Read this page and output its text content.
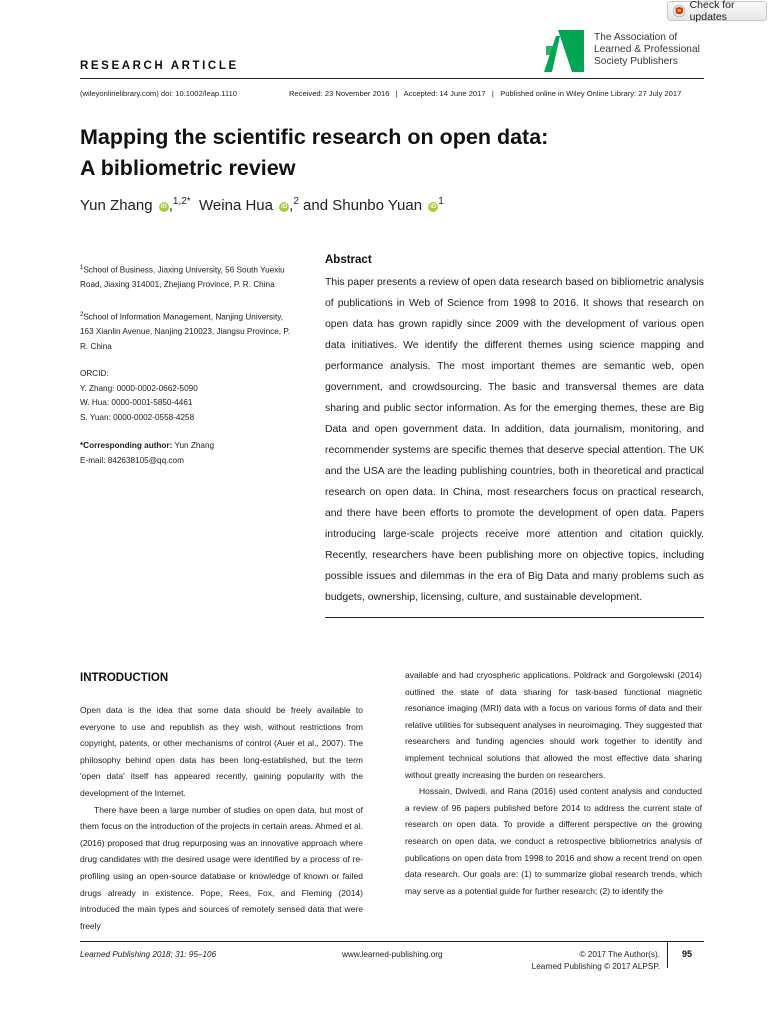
Check for updates
RESEARCH ARTICLE
The Association of
Learned & Professional
Society Publishers
(wileyonlinelibrary.com) doi: 10.1002/leap.1110	Received: 23 November 2016   |   Accepted: 14 June 2017   |   Published online in Wiley Online Library: 27 July 2017
Mapping the scientific research on open data:
A bibliometric review
Yun Zhang iD ,$^{1,2*}$ Weina Hua iD ,$^2$ and Shunbo Yuan iD $^1$
$^1$School of Business, Jiaxing University, 56 South Yuexiu Road, Jiaxing 314001, Zhejiang Province, P. R. China
$^2$School of Information Management, Nanjing University, 163 Xianlin Avenue, Nanjing 210023, Jiangsu Province, P. R. China
ORCID:
Y. Zhang: 0000-0002-0662-5090
W. Hua: 0000-0001-5850-4461
S. Yuan: 0000-0002-0558-4258
*Corresponding author: Yun Zhang
E-mail: 842638105@qq.com
Abstract
This paper presents a review of open data research based on bibliometric analysis of publications in Web of Science from 1998 to 2016. It shows that research on open data has grown rapidly since 2009 with the development of various open data initiatives. We identify the different themes using science mapping and performance analysis. The most important themes are semantic web, open government, and crowdsourcing. The basic and transversal themes are data sharing and public sector information. As for the emerging themes, these are Big Data and open government data. In addition, data journalism, monitoring, and recommender systems are specific themes that deserve special attention. The UK and the USA are the leading publishing countries, both in theoretical and practical research on open data. In China, most researchers focus on practical research, and there have been efforts to promote the development of open data. Papers introducing large-scale projects receive more attention and citation quickly. Recently, researchers have been publishing more on objective topics, including possible issues and dilemmas in the era of Big Data and many problems such as budgets, ownership, licensing, culture, and sustainable development.
INTRODUCTION

Open data is the idea that some data should be freely available to everyone to use and republish as they wish, without restrictions from copyright, patents, or other mechanisms of control (Auer et al., 2007). The philosophy behind open data has been long-established, but the term 'open data' itself has appeared recently, gaining popularity with the development of the Internet.

There have been a large number of studies on open data, but most of them focus on the introduction of the projects in certain areas. Ahmed et al. (2016) proposed that drug repurposing was an innovative approach where drug candidates with the desired usage were identified by a process of re-profiling using an open-source database or knowledge of known or failed drugs already in existence. Pope, Rees, Fox, and Fleming (2014) introduced the main types and sources of remotely sensed data that were freely

available and had cryospheric applications. Poldrack and Gorgolewski (2014) outlined the state of data sharing for task-based functional magnetic resonance imaging (MRI) data with a focus on various forms of data and their relative utilities for subsequent analyses in neuroimaging. They suggested that researchers and funding agencies should work together to identify and implement technical solutions that allowed the most effective data sharing without greatly increasing the burden on researchers.

Hossain, Dwivedi, and Rana (2016) used content analysis and conducted a review of 96 papers published before 2014 to address the current state of research on open data. To provide a different perspective on the growing research on open data, we conduct a retrospective bibliometrics analysis of publications on open data from 1998 to 2016 and show a recent trend on open data research. Our goals are: (1) to summarize global research trends, which may serve as a potential guide for further research; (2) to identify the

Learned Publishing 2018; 31: 95–106	www.learned-publishing.org	© 2017 The Author(s).
Learned Publishing © 2017 ALPSP.
95
